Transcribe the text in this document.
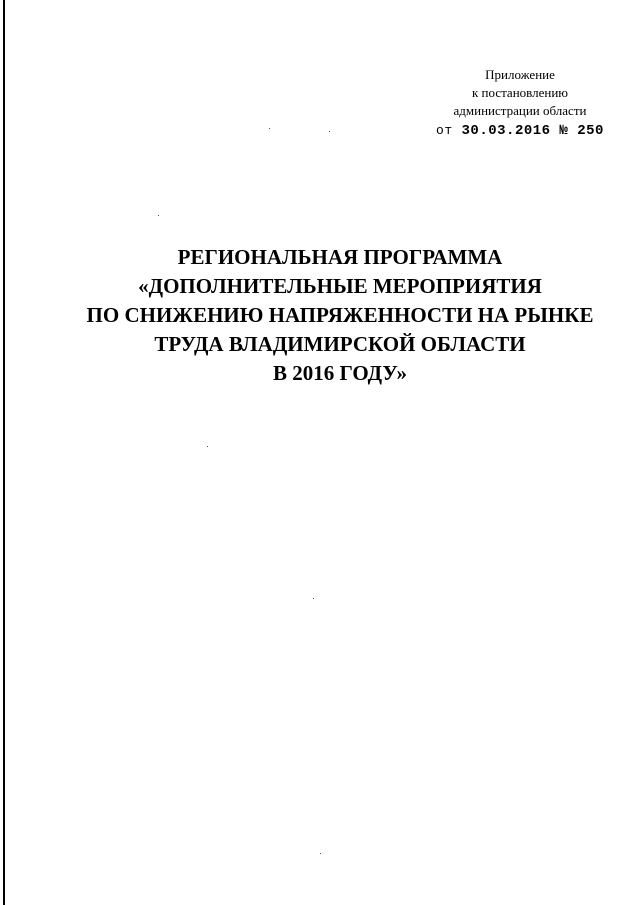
Приложение
к постановлению
администрации области
от 30.03.2016 № 250
РЕГИОНАЛЬНАЯ ПРОГРАММА
«ДОПОЛНИТЕЛЬНЫЕ МЕРОПРИЯТИЯ
ПО СНИЖЕНИЮ НАПРЯЖЕННОСТИ НА РЫНКЕ
ТРУДА ВЛАДИМИРСКОЙ ОБЛАСТИ
В 2016 ГОДУ»
